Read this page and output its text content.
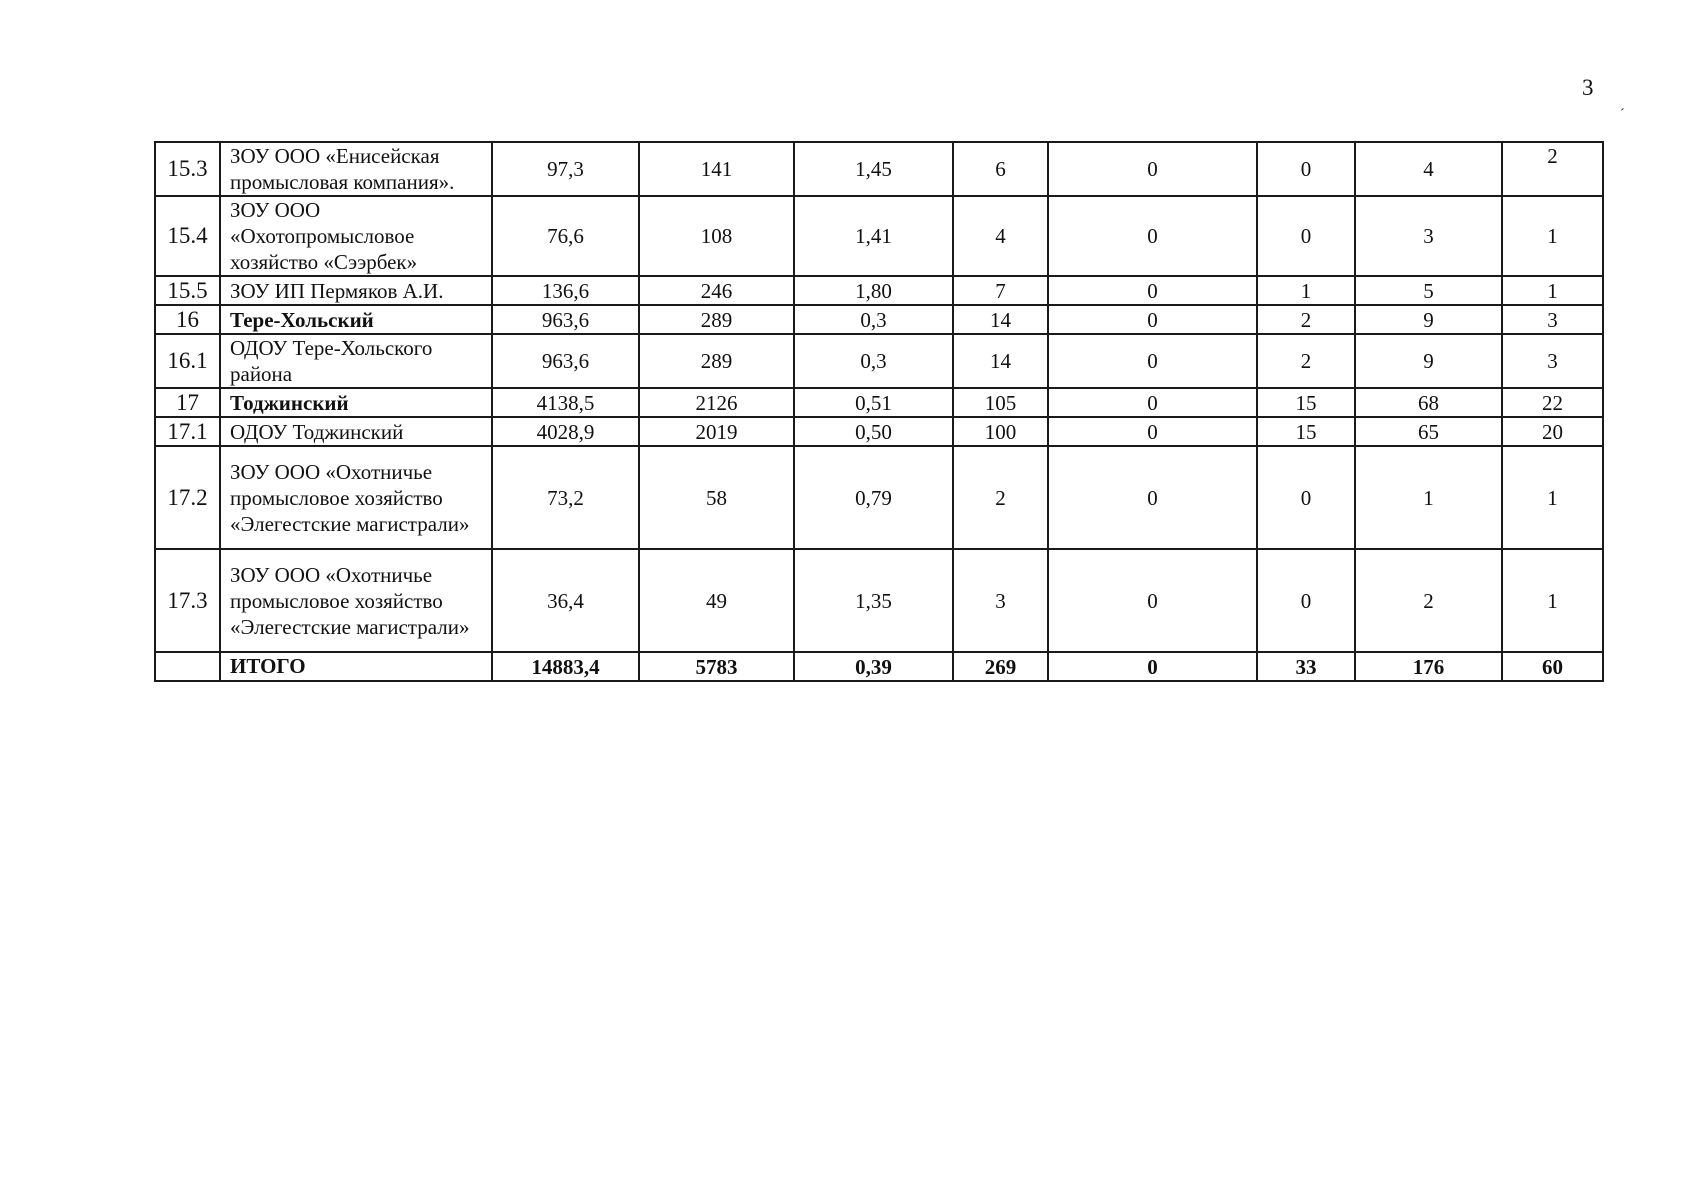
3
´
15.3	ЗОУ ООО «Енисейская промысловая компания».	97,3	141	1,45	6	0	0	4	2
15.4	ЗОУ ООО «Охотопромысловое хозяйство «Сээрбек»	76,6	108	1,41	4	0	0	3	1
15.5	ЗОУ ИП Пермяков А.И.	136,6	246	1,80	7	0	1	5	1
16	Тере-Хольский	963,6	289	0,3	14	0	2	9	3
16.1	ОДОУ Тере-Хольского района	963,6	289	0,3	14	0	2	9	3
17	Тоджинский	4138,5	2126	0,51	105	0	15	68	22
17.1	ОДОУ Тоджинский	4028,9	2019	0,50	100	0	15	65	20
17.2	ЗОУ ООО «Охотничье промысловое хозяйство «Элегестские магистрали»	73,2	58	0,79	2	0	0	1	1
17.3	ЗОУ ООО «Охотничье промысловое хозяйство «Элегестские магистрали»	36,4	49	1,35	3	0	0	2	1
	ИТОГО	14883,4	5783	0,39	269	0	33	176	60
